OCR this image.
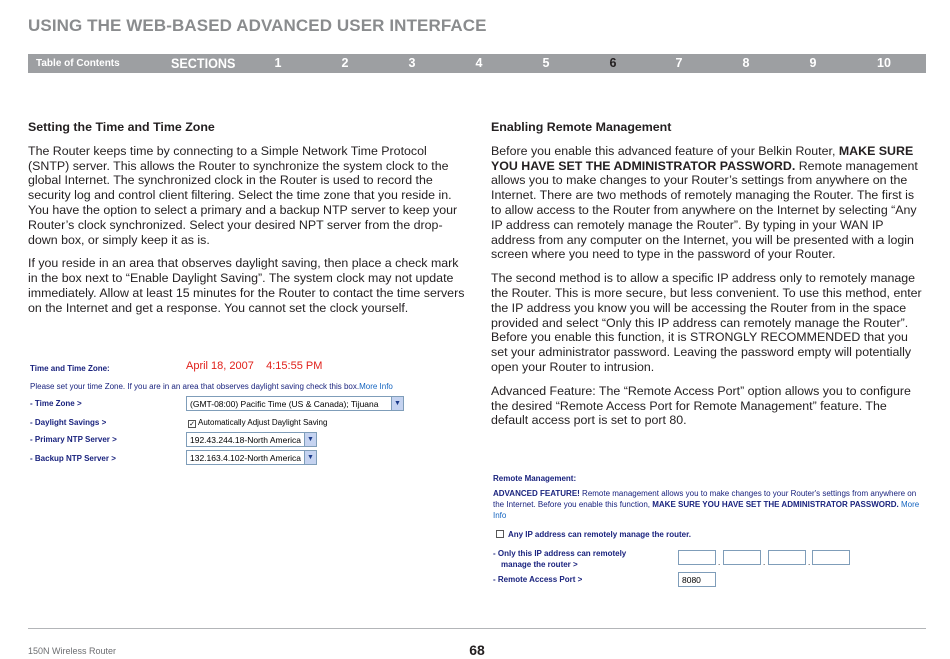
USING THE WEB-BASED ADVANCED USER INTERFACE
Table of Contents	SECTIONS	1	2	3	4	5	6	7	8	9	10
Setting the Time and Time Zone

The Router keeps time by connecting to a Simple Network Time Protocol (SNTP) server. This allows the Router to synchronize the system clock to the global Internet. The synchronized clock in the Router is used to record the security log and control client filtering. Select the time zone that you reside in. You have the option to select a primary and a backup NTP server to keep your Router’s clock synchronized. Select your desired NPT server from the drop-down box, or simply keep it as is.

If you reside in an area that observes daylight saving, then place a check mark in the box next to “Enable Daylight Saving”. The system clock may not update immediately. Allow at least 15 minutes for the Router to contact the time servers on the Internet and get a response. You cannot set the clock yourself.

Enabling Remote Management

Before you enable this advanced feature of your Belkin Router, MAKE SURE YOU HAVE SET THE ADMINISTRATOR PASSWORD. Remote management allows you to make changes to your Router’s settings from anywhere on the Internet. There are two methods of remotely managing the Router. The first is to allow access to the Router from anywhere on the Internet by selecting “Any IP address can remotely manage the Router”. By typing in your WAN IP address from any computer on the Internet, you will be presented with a login screen where you need to type in the password of your Router.

The second method is to allow a specific IP address only to remotely manage the Router. This is more secure, but less convenient. To use this method, enter the IP address you know you will be accessing the Router from in the space provided and select “Only this IP address can remotely manage the Router”. Before you enable this function, it is STRONGLY RECOMMENDED that you set your administrator password. Leaving the password empty will potentially open your Router to intrusion.

Advanced Feature: The “Remote Access Port” option allows you to configure the desired “Remote Access Port for Remote Management” feature. The default access port is set to port 80.

Time and Time Zone:	April 18, 2007 4:15:55 PM
Please set your time Zone. If you are in an area that observes daylight saving check this box.More Info
- Time Zone >	(GMT-08:00) Pacific Time (US & Canada); Tijuana	▼
- Daylight Savings >	✓ Automatically Adjust Daylight Saving
- Primary NTP Server >	192.43.244.18-North America ▼
- Backup NTP Server >	132.163.4.102-North America ▼
Remote Management:
ADVANCED FEATURE! Remote management allows you to make changes to your Router's settings from anywhere on the Internet. Before you enable this function, MAKE SURE YOU HAVE SET THE ADMINISTRATOR PASSWORD. More Info
Any IP address can remotely manage the router.
- Only this IP address can remotely
manage the router >	.	.	.
- Remote Access Port >	8080
150N Wireless Router	68
